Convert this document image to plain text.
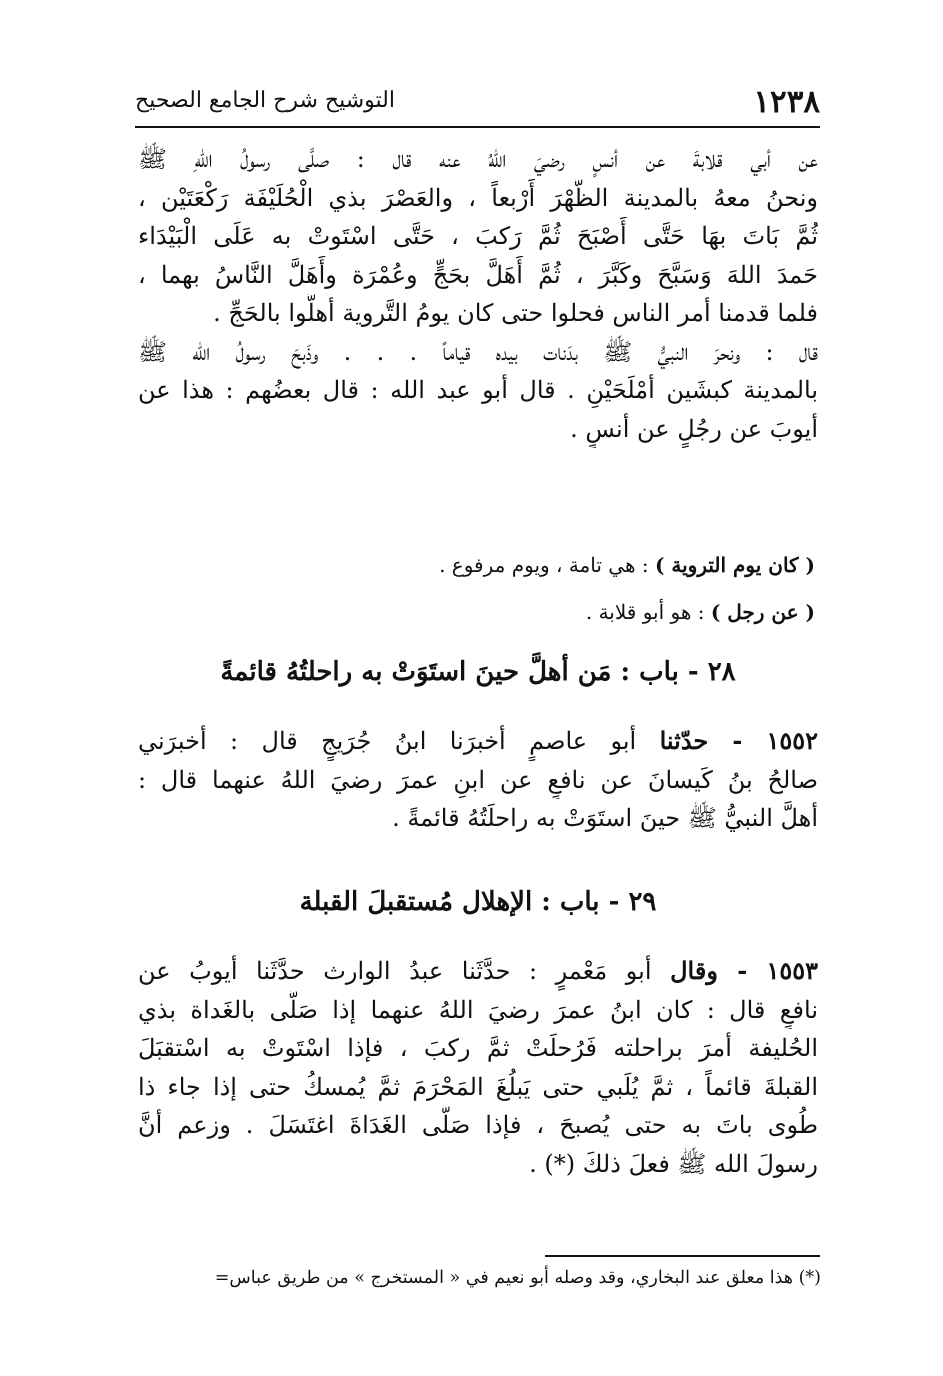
١٢٣٨
التوشيح شرح الجامع الصحيح
عن أبي قلابةَ عن أنسٍ رضيَ اللهُ عنه قال : صلَّى رسولُ اللهِ ﷺ
ونحنُ معهُ بالمدينة الظُّهْرَ أَرْبعاً ، والعَصْرَ بذي الْحُلَيْفَة رَكْعَتَيْن ،
ثُمَّ بَاتَ بهَا حَتَّى أَصْبَحَ ثُمَّ رَكبَ ، حَتَّى اسْتَوتْ به عَلَى الْبَيْدَاء
حَمدَ اللهَ وَسَبَّحَ وكَبَّرَ ، ثُمَّ أَهَلَّ بحَجٍّ وعُمْرَة وأَهَلَّ النَّاسُ بهما ،
فلما قدمنا أمر الناس فحلوا حتى كان يومُ التَّروية أهلُّوا بالحَجِّ .
قال : ونحرَ النبيُّ ﷺ بدَنات بيده قياماً . . . وذَبحَ رسولُ الله ﷺ
بالمدينة كبشَين أمْلَحَيْنِ . قال أبو عبد الله : قال بعضُهم : هذا عن
أيوبَ عن رجُلٍ عن أنسٍ .
( كان يوم التروية ) : هي تامة ، ويوم مرفوع .
( عن رجل ) : هو أبو قلابة .
٢٨ - باب : مَن أهلَّ حينَ استَوَتْ به راحلتُهُ قائمةً
١٥٥٢ - حدّثنا أبو عاصمٍ أخبرَنا ابنُ جُرَيجٍ قال : أخبرَني
صالحُ بنُ كَيسانَ عن نافعٍ عن ابنِ عمرَ رضيَ اللهُ عنهما قال :
أهلَّ النبيُّ ﷺ حينَ استَوَتْ به راحلَتُهُ قائمةً .
٢٩ - باب : الإهلال مُستقبلَ القبلة
١٥٥٣ - وقال أبو مَعْمرٍ : حدَّثَنا عبدُ الوارث حدَّثَنا أيوبُ عن
نافعٍ قال : كان ابنُ عمرَ رضيَ اللهُ عنهما إذا صَلَّى بالغَداة بذي
الحُليفة أمرَ براحلته فَرُحلَتْ ثمَّ ركبَ ، فإذا اسْتَوتْ به اسْتقبَلَ
القبلةَ قائماً ، ثمَّ يُلَبي حتى يَبلُغَ المَحْرَمَ ثمَّ يُمسكُ حتى إذا جاء ذا
طُوى باتَ به حتى يُصبحَ ، فإذا صَلَّى الغَدَاةَ اغتَسَلَ . وزعم أنَّ
رسولَ الله ﷺ فعلَ ذلكَ (*) .
(*) هذا معلق عند البخاري، وقد وصله أبو نعيم في « المستخرج » من طريق عباس=
